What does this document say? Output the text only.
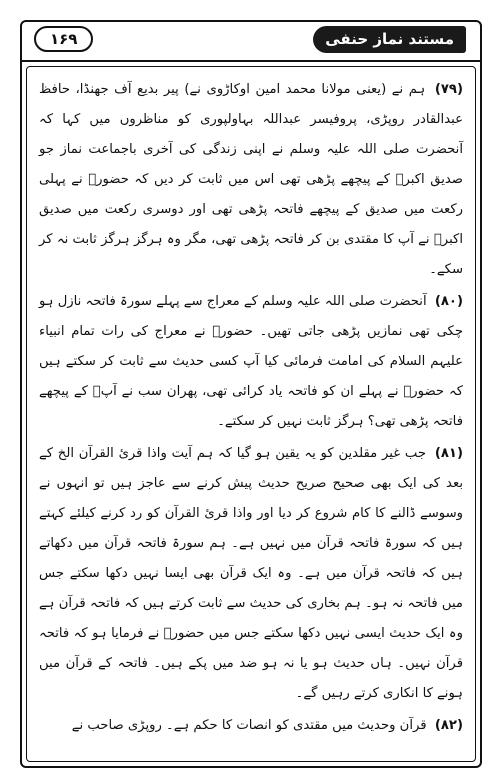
۱۶۹	مستند نماز حنفی

(۷۹) ہم نے (یعنی مولانا محمد امین اوکاڑوی نے) پیر بدیع آف جھنڈا، حافظ عبدالقادر روپڑی، پروفیسر عبداللہ بہاولپوری کو مناظروں میں کہا کہ آنحضرت صلی اللہ علیہ وسلم نے اپنی زندگی کی آخری باجماعت نماز جو صدیق اکبرؓ کے پیچھے پڑھی تھی اس میں ثابت کر دیں کہ حضورؐ نے پہلی رکعت میں صدیق کے پیچھے فاتحہ پڑھی تھی اور دوسری رکعت میں صدیق اکبرؓ نے آپ کا مقتدی بن کر فاتحہ پڑھی تھی، مگر وہ ہرگز ہرگز ثابت نہ کر سکے۔

(۸۰) آنحضرت صلی اللہ علیہ وسلم کے معراج سے پہلے سورۃ فاتحہ نازل ہو چکی تھی نمازیں پڑھی جاتی تھیں۔ حضورؐ نے معراج کی رات تمام انبیاء علیہم السلام کی امامت فرمائی کیا آپ کسی حدیث سے ثابت کر سکتے ہیں کہ حضورؐ نے پہلے ان کو فاتحہ یاد کرائی تھی، پھران سب نے آپؐ کے پیچھے فاتحہ پڑھی تھی؟ ہرگز ثابت نہیں کر سکتے۔

(۸۱) جب غیر مقلدین کو یہ یقین ہو گیا کہ ہم آیت واذا قرئ القرآن الخ کے بعد کی ایک بھی صحیح صریح حدیث پیش کرنے سے عاجز ہیں تو انہوں نے وسوسے ڈالنے کا کام شروع کر دیا اور واذا قرئ القرآن کو رد کرنے کیلئے کہتے ہیں کہ سورۃ فاتحہ قرآن میں نہیں ہے۔ ہم سورۃ فاتحہ قرآن میں دکھاتے ہیں کہ فاتحہ قرآن میں ہے۔ وہ ایک قرآن بھی ایسا نہیں دکھا سکتے جس میں فاتحہ نہ ہو۔ ہم بخاری کی حدیث سے ثابت کرتے ہیں کہ فاتحہ قرآن ہے وہ ایک حدیث ایسی نہیں دکھا سکتے جس میں حضورؐ نے فرمایا ہو کہ فاتحہ قرآن نہیں۔ ہاں حدیث ہو یا نہ ہو ضد میں پکے ہیں۔ فاتحہ کے قرآن میں ہونے کا انکاری کرتے رہیں گے۔

(۸۲) قرآن وحدیث میں مقتدی کو انصات کا حکم ہے۔ روپڑی صاحب نے
